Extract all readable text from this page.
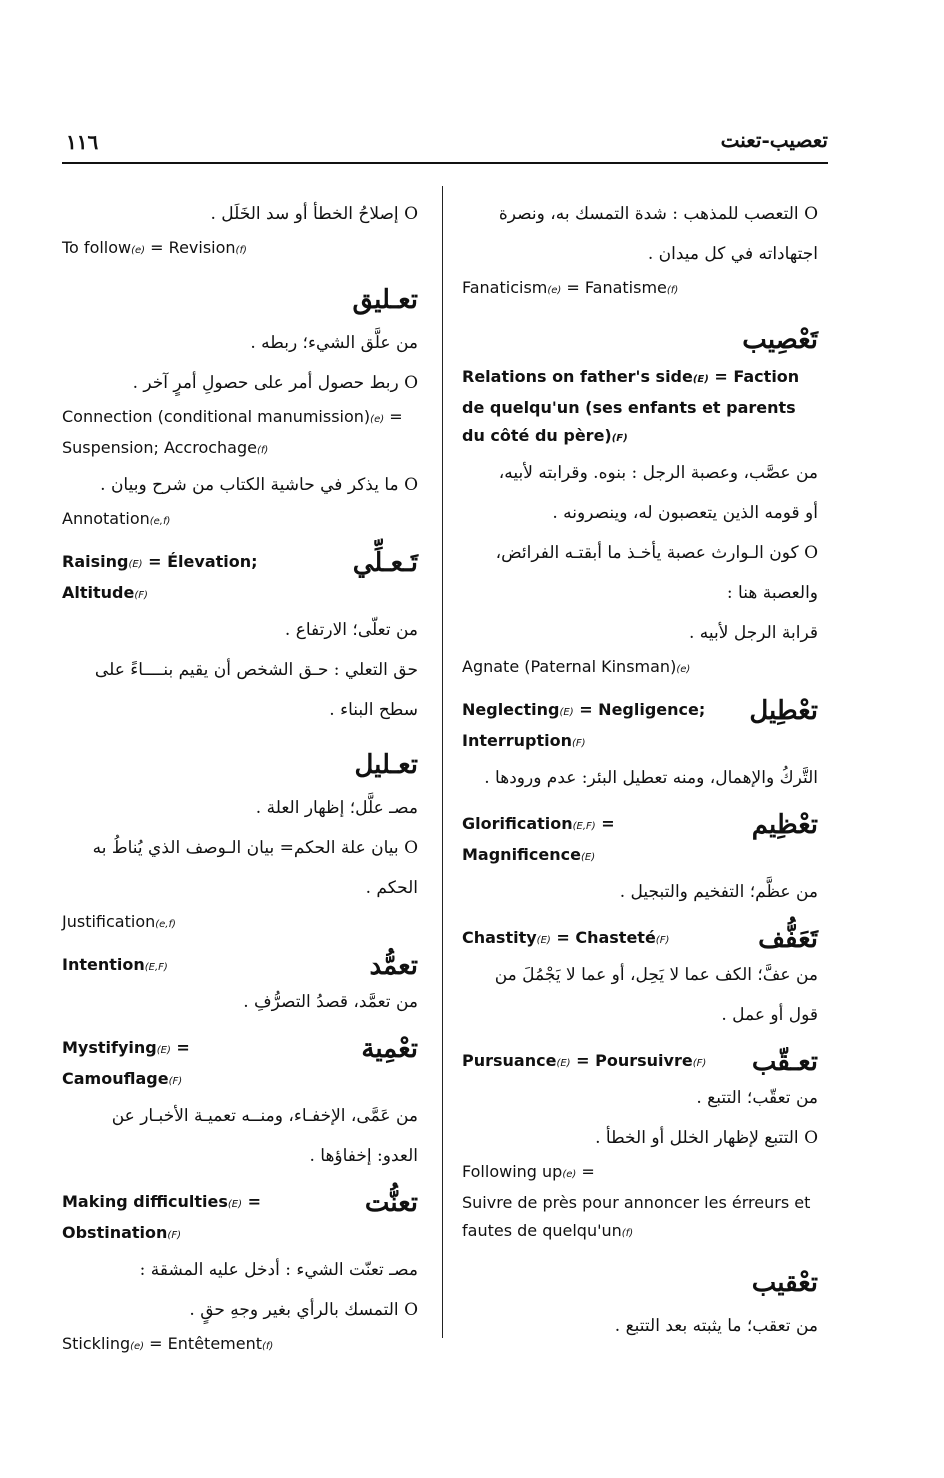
١١٦	تعصيب-تعنت
O التعصب للمذهب : شدة التمسك به، ونصرة
اجتهاداته في كل ميدان .
Fanaticism(e) = Fanatisme(f)
تَعْصِيب
Relations on father's side(E) = Faction de quelqu'un (ses enfants et parents du côté du père)(F)
من عصَّب، وعصبة الرجل : بنوه. وقرابته لأبيه،
أو قومه الذين يتعصبون له، وينصرونه .
O كون الـوارث عصبة يأخـذ ما أبقتـه الفرائض،
والعصبة هنا :
قرابة الرجل لأبيه .
Agnate (Paternal Kinsman)(e)
تعْطِيل
Neglecting(E) = Negligence; Interruption(F)
التَّركُ والإهمال، ومنه تعطيل البئر: عدم ورودها .
تعْظِيم
Glorification(E,F) = Magnificence(E)
من عظَّم؛ التفخيم والتبجيل .
تَعَفُّف
Chastity(E) = Chasteté(F)
من عفَّ؛ الكف عما لا يَحِل، أو عما لا يَجْمُلَ من
قول أو عمل .
تعـقّب
Pursuance(E) = Poursuivre(F)
من تعقّب؛ التتبع .
O التتبع لإظهار الخلل أو الخطأ .
Following up(e) =
Suivre de près pour annoncer les érreurs et fautes de quelqu'un(f)
تعْقيب
من تعقب؛ ما يثبته بعد التتبع .
O إصلاحُ الخطأ أو سد الخَلَل .
To follow(e) = Revision(f)
تعـليق
من علَّق الشيء؛ ربطه .
O ربط حصول أمر على حصولِ أمرٍ آخر .
Connection (conditional manumission)(e) = Suspension; Accrochage(f)
O ما يذكر في حاشية الكتاب من شرح وبيان .
Annotation(e,f)
تَـعـلِّي
Raising(E) = Élevation; Altitude(F)
من تعلّى؛ الارتفاع .
حق التعلي : حـق الشخص أن يقيم بنــــاءً على
سطح البناء .
تعـليل
مصـ علَّل؛ إظهار العلة .
O بيان علة الحكم= بيان الـوصف الذي يُناطُ به
الحكم .
Justification(e,f)
تعمُّد
Intention(E,F)
من تعمَّد، قصدُ التصرُّفِ .
تعْمِية
Mystifying(E) = Camouflage(F)
من عَمَّى، الإخفـاء، ومنــه تعميـة الأخبـار عن
العدو: إخفاؤها .
تعنُّت
Making difficulties(E) = Obstination(F)
مصـ تعنّت الشيء : أدخل عليه المشقة :
O التمسك بالرأي بغير وجهِ حقٍ .
Stickling(e) = Entêtement(f)
